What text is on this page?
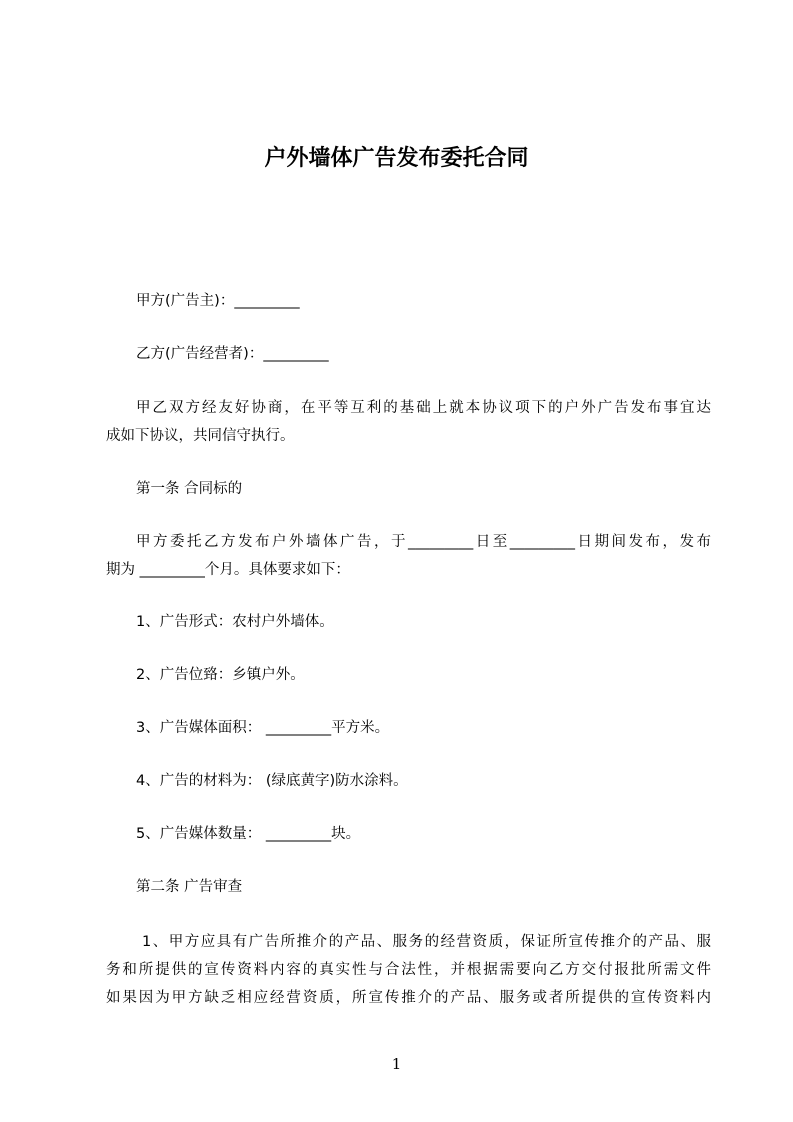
户外墙体广告发布委托合同
甲方(广告主)：_________
乙方(广告经营者)：_________
甲乙双方经友好协商，在平等互利的基础上就本协议项下的户外广告发布事宜达
成如下协议，共同信守执行。
第一条 合同标的
甲方委托乙方发布户外墙体广告，于_________日至_________日期间发布，发布
期为 _________个月。具体要求如下：
1、广告形式：农村户外墙体。
2、广告位臵：乡镇户外。
3、广告媒体面积： _________平方米。
4、广告的材料为： (绿底黄字)防水涂料。
5、广告媒体数量： _________块。
第二条 广告审查
1、甲方应具有广告所推介的产品、服务的经营资质，保证所宣传推介的产品、服
务和所提供的宣传资料内容的真实性与合法性，并根据需要向乙方交付报批所需文件
如果因为甲方缺乏相应经营资质，所宣传推介的产品、服务或者所提供的宣传资料内
1
